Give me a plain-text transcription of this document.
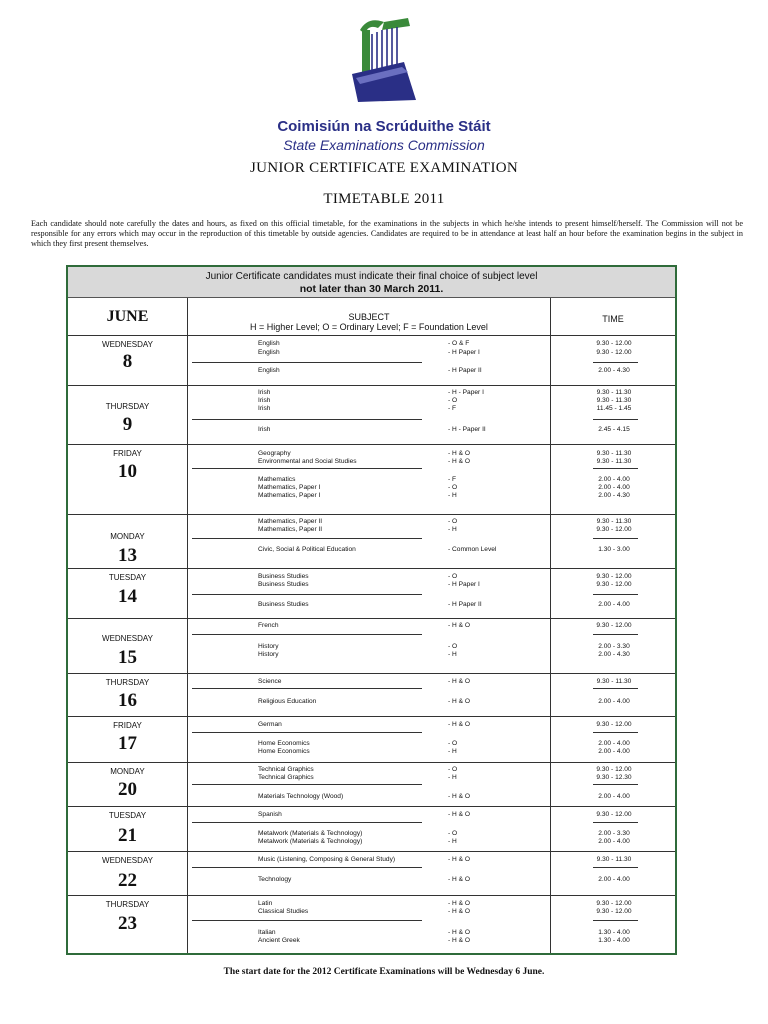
Coimisiún na Scrúduithe Stáit
State Examinations Commission
JUNIOR CERTIFICATE EXAMINATION
TIMETABLE 2011
Each candidate should note carefully the dates and hours, as fixed on this official timetable, for the examinations in the subjects in which he/she intends to present himself/herself. The Commission will not be responsible for any errors which may occur in the reproduction of this timetable by outside agencies. Candidates are required to be in attendance at least half an hour before the examination begins in the subject in which they first present themselves.
Junior Certificate candidates must indicate their final choice of subject level
not later than 30 March 2011.
JUNE	SUBJECT
H = Higher Level; O = Ordinary Level; F = Foundation Level
TIME
WEDNESDAY
8
English	- O & F	9.30 - 12.00
English	- H Paper I	9.30 - 12.00
English	- H Paper II	2.00 - 4.30
THURSDAY
9
Irish	- H - Paper I	9.30 - 11.30
Irish	- O	9.30 - 11.30
Irish	- F	11.45 - 1.45
Irish	- H - Paper II	2.45 - 4.15
FRIDAY
10
Geography	- H & O	9.30 - 11.30
Environmental and Social Studies	- H & O	9.30 - 11.30
Mathematics	- F	2.00 - 4.00
Mathematics, Paper I	- O	2.00 - 4.00
Mathematics, Paper I	- H	2.00 - 4.30
MONDAY
13
Mathematics, Paper II	- O	9.30 - 11.30
Mathematics, Paper II	- H	9.30 - 12.00
Civic, Social & Political Education	- Common Level	1.30 - 3.00
TUESDAY
14
Business Studies	- O	9.30 - 12.00
Business Studies	- H Paper I	9.30 - 12.00
Business Studies	- H Paper II	2.00 - 4.00
WEDNESDAY
15
French	- H & O	9.30 - 12.00
History	- O	2.00 - 3.30
History	- H	2.00 - 4.30
THURSDAY
16
Science	- H & O	9.30 - 11.30
Religious Education	- H & O	2.00 - 4.00
FRIDAY
17
German	- H & O	9.30 - 12.00
Home Economics	- O	2.00 - 4.00
Home Economics	- H	2.00 - 4.00
MONDAY
20
Technical Graphics	- O	9.30 - 12.00
Technical Graphics	- H	9.30 - 12.30
Materials Technology (Wood)	- H & O	2.00 - 4.00
TUESDAY
21
Spanish	- H & O	9.30 - 12.00
Metalwork (Materials & Technology)	- O	2.00 - 3.30
Metalwork (Materials & Technology)	- H	2.00 - 4.00
WEDNESDAY
22
Music (Listening, Composing & General Study)	- H & O	9.30 - 11.30
Technology	- H & O	2.00 - 4.00
THURSDAY
23
Latin	- H & O	9.30 - 12.00
Classical Studies	- H & O	9.30 - 12.00
Italian	- H & O	1.30 - 4.00
Ancient Greek	- H & O	1.30 - 4.00
The start date for the 2012 Certificate Examinations will be Wednesday 6 June.
